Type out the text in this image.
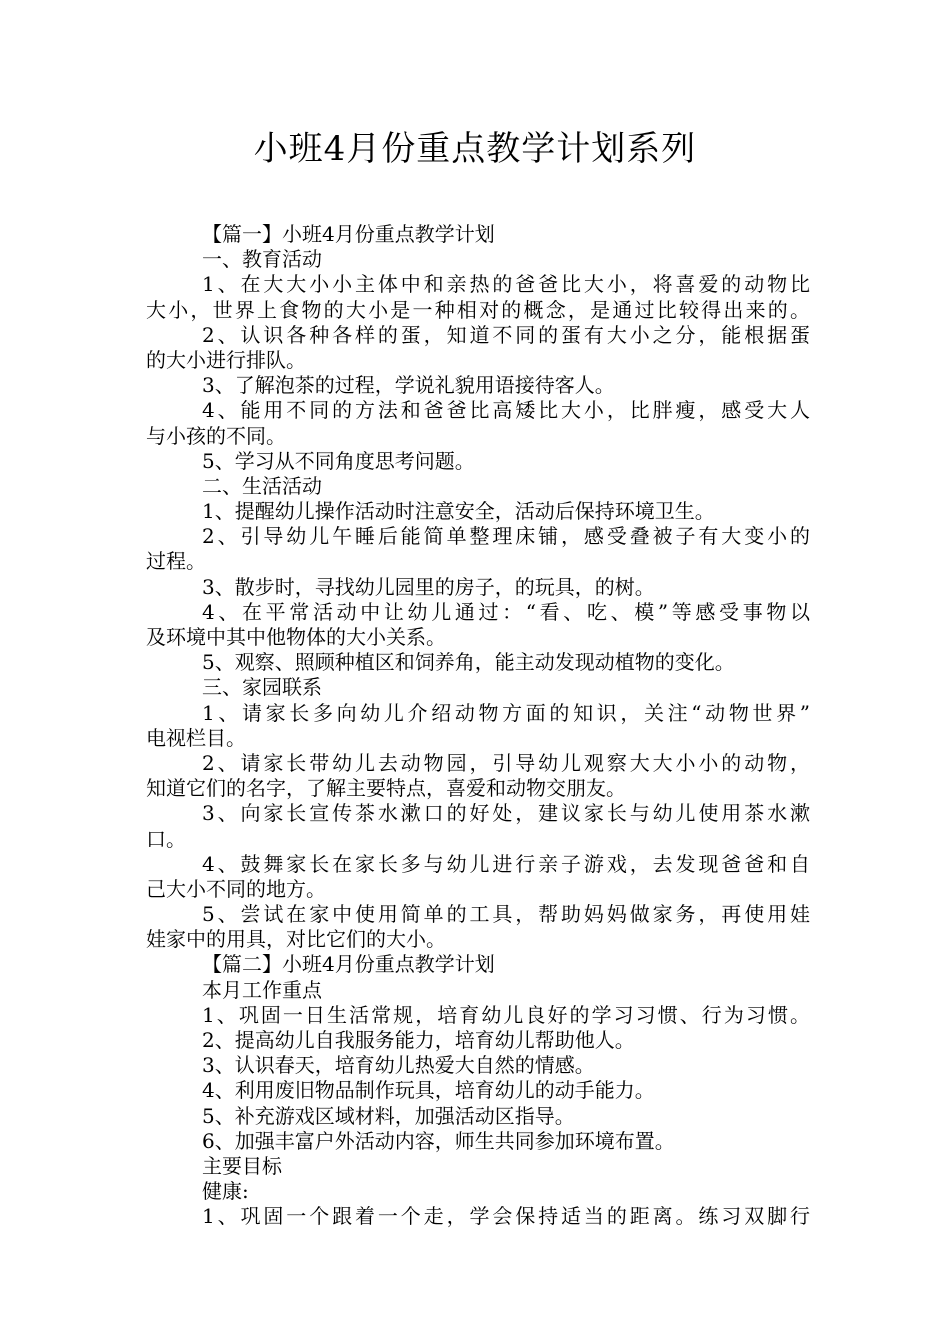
小班4月份重点教学计划系列
【篇一】小班4月份重点教学计划
一、教育活动
1、在大大小小主体中和亲热的爸爸比大小，将喜爱的动物比
大小，世界上食物的大小是一种相对的概念，是通过比较得出来的。
2、认识各种各样的蛋，知道不同的蛋有大小之分，能根据蛋
的大小进行排队。
3、了解泡茶的过程，学说礼貌用语接待客人。
4、能用不同的方法和爸爸比高矮比大小，比胖瘦，感受大人
与小孩的不同。
5、学习从不同角度思考问题。
二、生活活动
1、提醒幼儿操作活动时注意安全，活动后保持环境卫生。
2、引导幼儿午睡后能简单整理床铺，感受叠被子有大变小的
过程。
3、散步时，寻找幼儿园里的房子，的玩具，的树。
4、在平常活动中让幼儿通过：“看、吃、模”等感受事物以
及环境中其中他物体的大小关系。
5、观察、照顾种植区和饲养角，能主动发现动植物的变化。
三、家园联系
1、请家长多向幼儿介绍动物方面的知识，关注“动物世界”
电视栏目。
2、请家长带幼儿去动物园，引导幼儿观察大大小小的动物，
知道它们的名字，了解主要特点，喜爱和动物交朋友。
3、向家长宣传茶水漱口的好处，建议家长与幼儿使用茶水漱
口。
4、鼓舞家长在家长多与幼儿进行亲子游戏，去发现爸爸和自
己大小不同的地方。
5、尝试在家中使用简单的工具，帮助妈妈做家务，再使用娃
娃家中的用具，对比它们的大小。
【篇二】小班4月份重点教学计划
本月工作重点
1、巩固一日生活常规，培育幼儿良好的学习习惯、行为习惯。
2、提高幼儿自我服务能力，培育幼儿帮助他人。
3、认识春天，培育幼儿热爱大自然的情感。
4、利用废旧物品制作玩具，培育幼儿的动手能力。
5、补充游戏区域材料，加强活动区指导。
6、加强丰富户外活动内容，师生共同参加环境布置。
主要目标
健康:
1、巩固一个跟着一个走，学会保持适当的距离。练习双脚行
